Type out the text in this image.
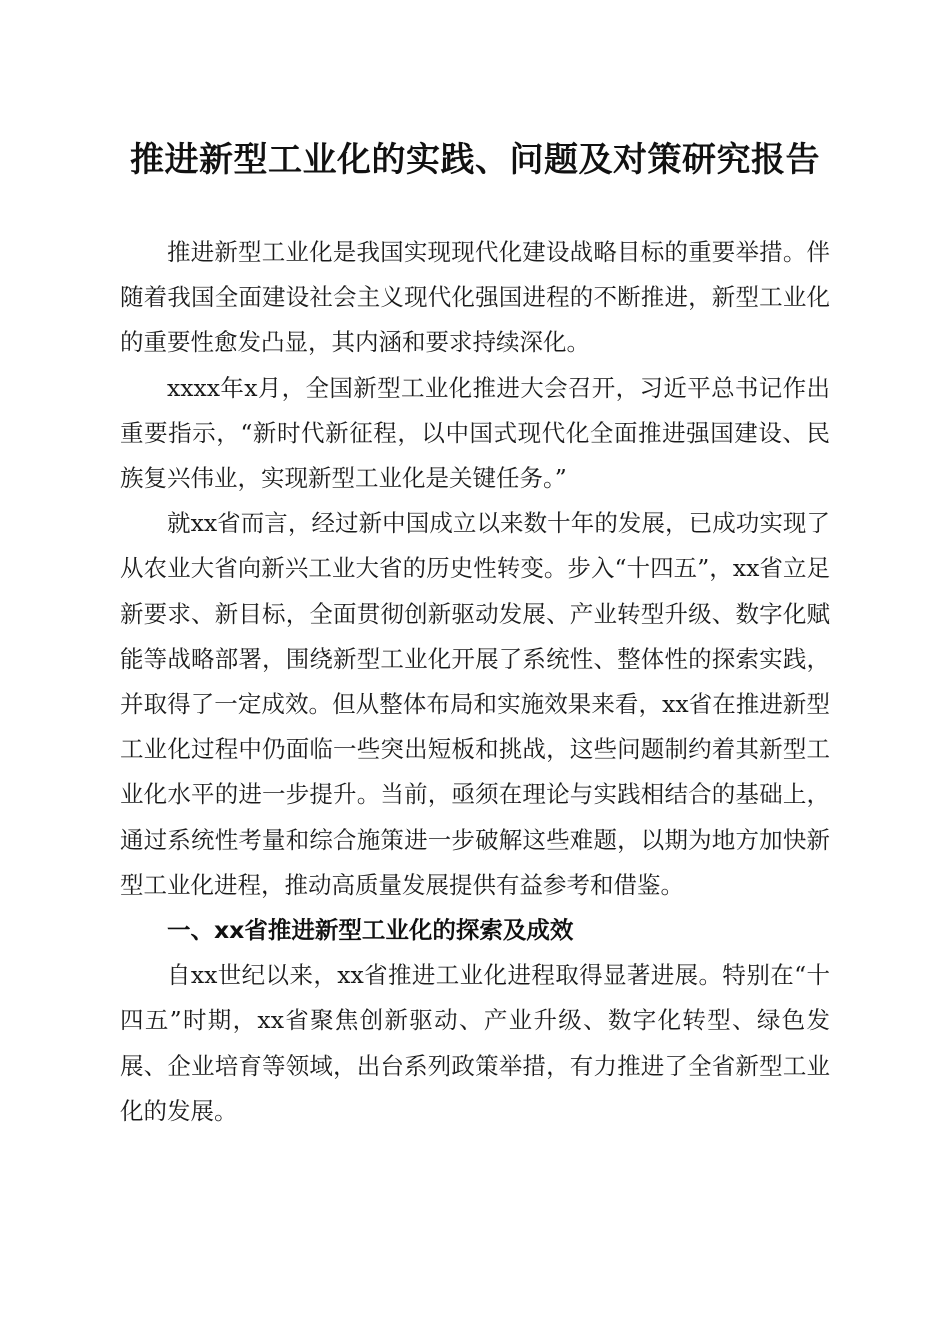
推进新型工业化的实践、问题及对策研究报告

推进新型工业化是我国实现现代化建设战略目标的重要举措。伴随着我国全面建设社会主义现代化强国进程的不断推进，新型工业化的重要性愈发凸显，其内涵和要求持续深化。

xxxx年x月，全国新型工业化推进大会召开，习近平总书记作出重要指示，“新时代新征程，以中国式现代化全面推进强国建设、民族复兴伟业，实现新型工业化是关键任务。”

就xx省而言，经过新中国成立以来数十年的发展，已成功实现了从农业大省向新兴工业大省的历史性转变。步入“十四五”，xx省立足新要求、新目标，全面贯彻创新驱动发展、产业转型升级、数字化赋能等战略部署，围绕新型工业化开展了系统性、整体性的探索实践，并取得了一定成效。但从整体布局和实施效果来看，xx省在推进新型工业化过程中仍面临一些突出短板和挑战，这些问题制约着其新型工业化水平的进一步提升。当前，亟须在理论与实践相结合的基础上，通过系统性考量和综合施策进一步破解这些难题，以期为地方加快新型工业化进程，推动高质量发展提供有益参考和借鉴。

一、xx省推进新型工业化的探索及成效

自xx世纪以来，xx省推进工业化进程取得显著进展。特别在“十四五”时期，xx省聚焦创新驱动、产业升级、数字化转型、绿色发展、企业培育等领域，出台系列政策举措，有力推进了全省新型工业化的发展。
